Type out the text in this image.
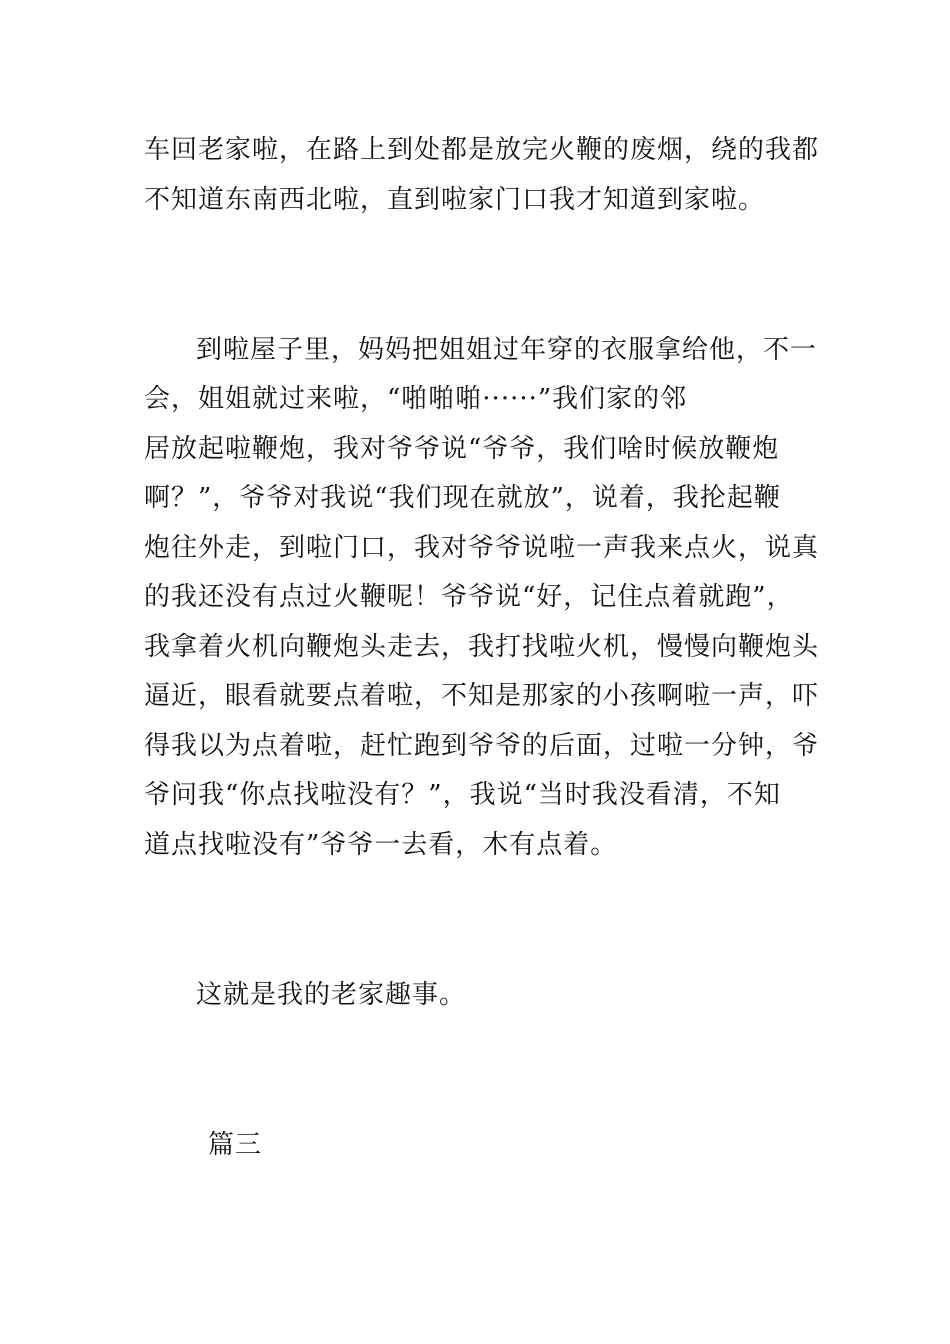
车回老家啦，在路上到处都是放完火鞭的废烟，绕的我都
不知道东南西北啦，直到啦家门口我才知道到家啦。
到啦屋子里，妈妈把姐姐过年穿的衣服拿给他，不一
会，姐姐就过来啦，“啪啪啪······”我们家的邻
居放起啦鞭炮，我对爷爷说“爷爷，我们啥时候放鞭炮
啊？”，爷爷对我说“我们现在就放”，说着，我抡起鞭
炮往外走，到啦门口，我对爷爷说啦一声我来点火，说真
的我还没有点过火鞭呢！爷爷说“好，记住点着就跑”，
我拿着火机向鞭炮头走去，我打找啦火机，慢慢向鞭炮头
逼近，眼看就要点着啦，不知是那家的小孩啊啦一声，吓
得我以为点着啦，赶忙跑到爷爷的后面，过啦一分钟，爷
爷问我“你点找啦没有？”，我说“当时我没看清，不知
道点找啦没有”爷爷一去看，木有点着。
这就是我的老家趣事。
篇三
